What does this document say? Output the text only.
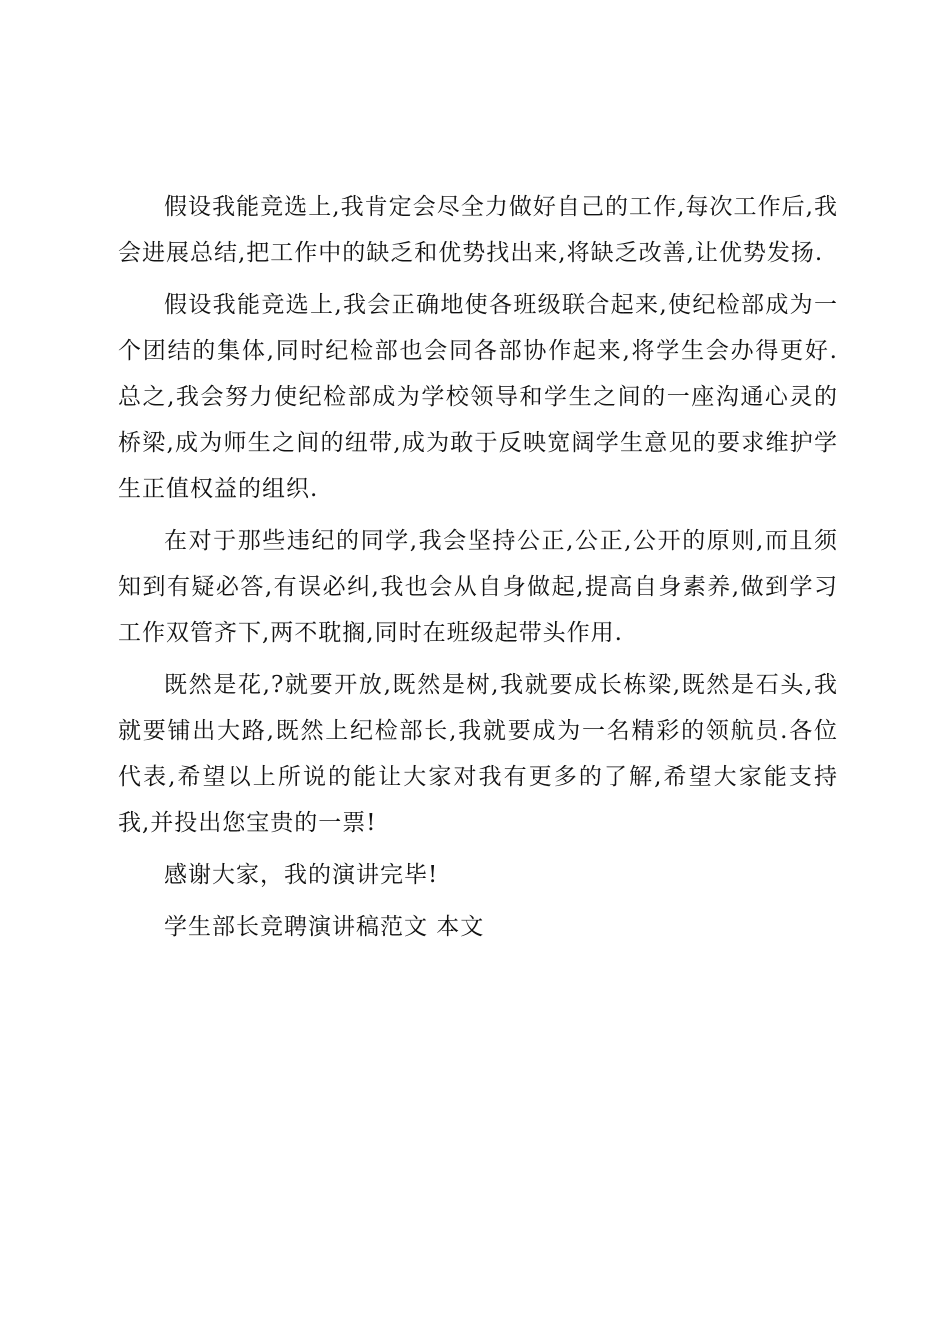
假设我能竞选上,我肯定会尽全力做好自己的工作,每次工作后,我会进展总结,把工作中的缺乏和优势找出来,将缺乏改善,让优势发扬.

假设我能竞选上,我会正确地使各班级联合起来,使纪检部成为一个团结的集体,同时纪检部也会同各部协作起来,将学生会办得更好.总之,我会努力使纪检部成为学校领导和学生之间的一座沟通心灵的桥梁,成为师生之间的纽带,成为敢于反映宽阔学生意见的要求维护学生正值权益的组织.

在对于那些违纪的同学,我会坚持公正,公正,公开的原则,而且须知到有疑必答,有误必纠,我也会从自身做起,提高自身素养,做到学习工作双管齐下,两不耽搁,同时在班级起带头作用.

既然是花,?就要开放,既然是树,我就要成长栋梁,既然是石头,我就要铺出大路,既然上纪检部长,我就要成为一名精彩的领航员.各位代表,希望以上所说的能让大家对我有更多的了解,希望大家能支持我,并投出您宝贵的一票!

感谢大家，我的演讲完毕!

学生部长竞聘演讲稿范文 本文
